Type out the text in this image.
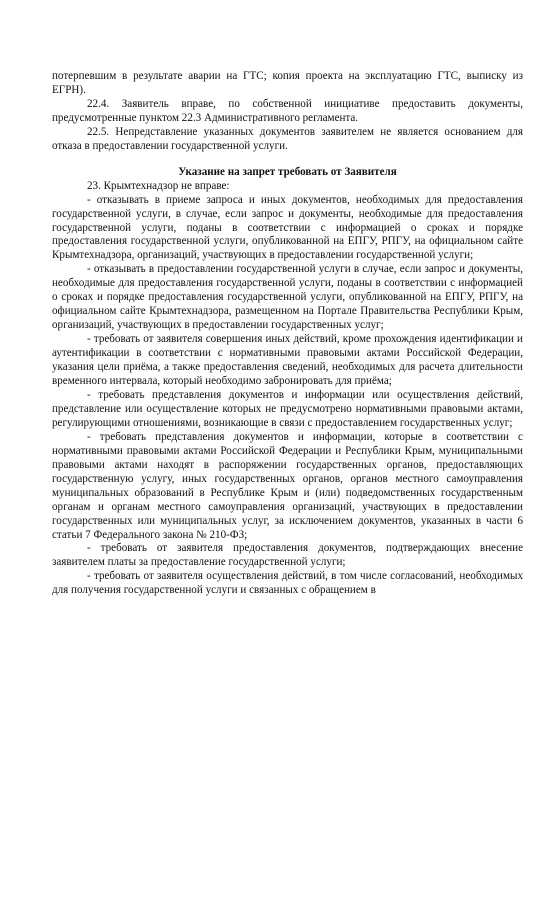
потерпевшим в результате аварии на ГТС; копия проекта на эксплуатацию ГТС, выписку из ЕГРН).

22.4. Заявитель вправе, по собственной инициативе предоставить документы, предусмотренные пунктом 22.3 Административного регламента.

22.5. Непредставление указанных документов заявителем не является основанием для отказа в предоставлении государственной услуги.

Указание на запрет требовать от Заявителя

23. Крымтехнадзор не вправе:

- отказывать в приеме запроса и иных документов, необходимых для предоставления государственной услуги, в случае, если запрос и документы, необходимые для предоставления государственной услуги, поданы в соответствии с информацией о сроках и порядке предоставления государственной услуги, опубликованной на ЕПГУ, РПГУ, на официальном сайте Крымтехнадзора, организаций, участвующих в предоставлении государственной услуги;

- отказывать в предоставлении государственной услуги в случае, если запрос и документы, необходимые для предоставления государственной услуги, поданы в соответствии с информацией о сроках и порядке предоставления государственной услуги, опубликованной на ЕПГУ, РПГУ, на официальном сайте Крымтехнадзора, размещенном на Портале Правительства Республики Крым, организаций, участвующих в предоставлении государственных услуг;

- требовать от заявителя совершения иных действий, кроме прохождения идентификации и аутентификации в соответствии с нормативными правовыми актами Российской Федерации, указания цели приёма, а также предоставления сведений, необходимых для расчета длительности временного интервала, который необходимо забронировать для приёма;

- требовать представления документов и информации или осуществления действий, представление или осуществление которых не предусмотрено нормативными правовыми актами, регулирующими отношениями, возникающие в связи с предоставлением государственных услуг;

- требовать представления документов и информации, которые в соответствии с нормативными правовыми актами Российской Федерации и Республики Крым, муниципальными правовыми актами находят в распоряжении государственных органов, предоставляющих государственную услугу, иных государственных органов, органов местного самоуправления муниципальных образований в Республике Крым и (или) подведомственных государственным органам и органам местного самоуправления организаций, участвующих в предоставлении государственных или муниципальных услуг, за исключением документов, указанных в части 6 статьи 7 Федерального закона № 210-ФЗ;

- требовать от заявителя предоставления документов, подтверждающих внесение заявителем платы за предоставление государственной услуги;

- требовать от заявителя осуществления действий, в том числе согласований, необходимых для получения государственной услуги и связанных с обращением в
